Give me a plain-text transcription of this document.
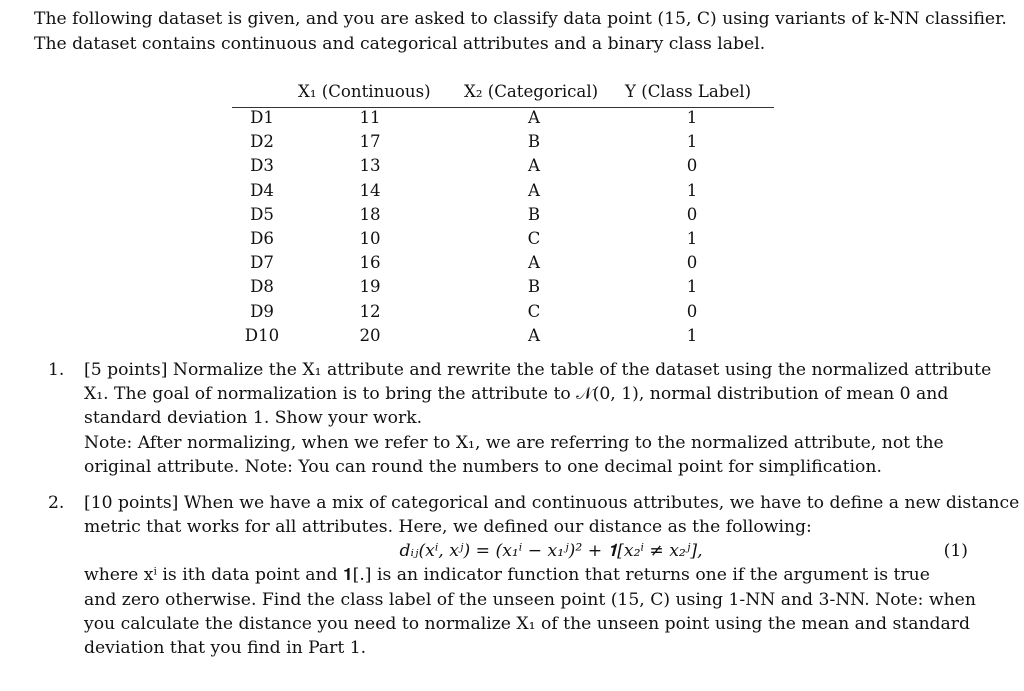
The following dataset is given, and you are asked to classify data point (15, C) using variants of k-NN classifier.
The dataset contains continuous and categorical attributes and a binary class label.
X₁ (Continuous) X₂ (Categorical) Y (Class Label)
D1	11	A	1
D2	17	B	1
D3	13	A	0
D4	14	A	1
D5	18	B	0
D6	10	C	1
D7	16	A	0
D8	19	B	1
D9	12	C	0
D10	20	A	1
1. [5 points] Normalize the X₁ attribute and rewrite the table of the dataset using the normalized attribute
X₁. The goal of normalization is to bring the attribute to 𝒩(0, 1), normal distribution of mean 0 and
standard deviation 1. Show your work.
Note: After normalizing, when we refer to X₁, we are referring to the normalized attribute, not the
original attribute. Note: You can round the numbers to one decimal point for simplification.
2. [10 points] When we have a mix of categorical and continuous attributes, we have to define a new distance
metric that works for all attributes. Here, we defined our distance as the following:
dᵢⱼ(xⁱ, xʲ) = (x₁ⁱ − x₁ʲ)² + 𝟏[x₂ⁱ ≠ x₂ʲ],	(1)
where xⁱ is ith data point and 𝟏[.] is an indicator function that returns one if the argument is true
and zero otherwise. Find the class label of the unseen point (15, C) using 1-NN and 3-NN. Note: when
you calculate the distance you need to normalize X₁ of the unseen point using the mean and standard
deviation that you find in Part 1.
